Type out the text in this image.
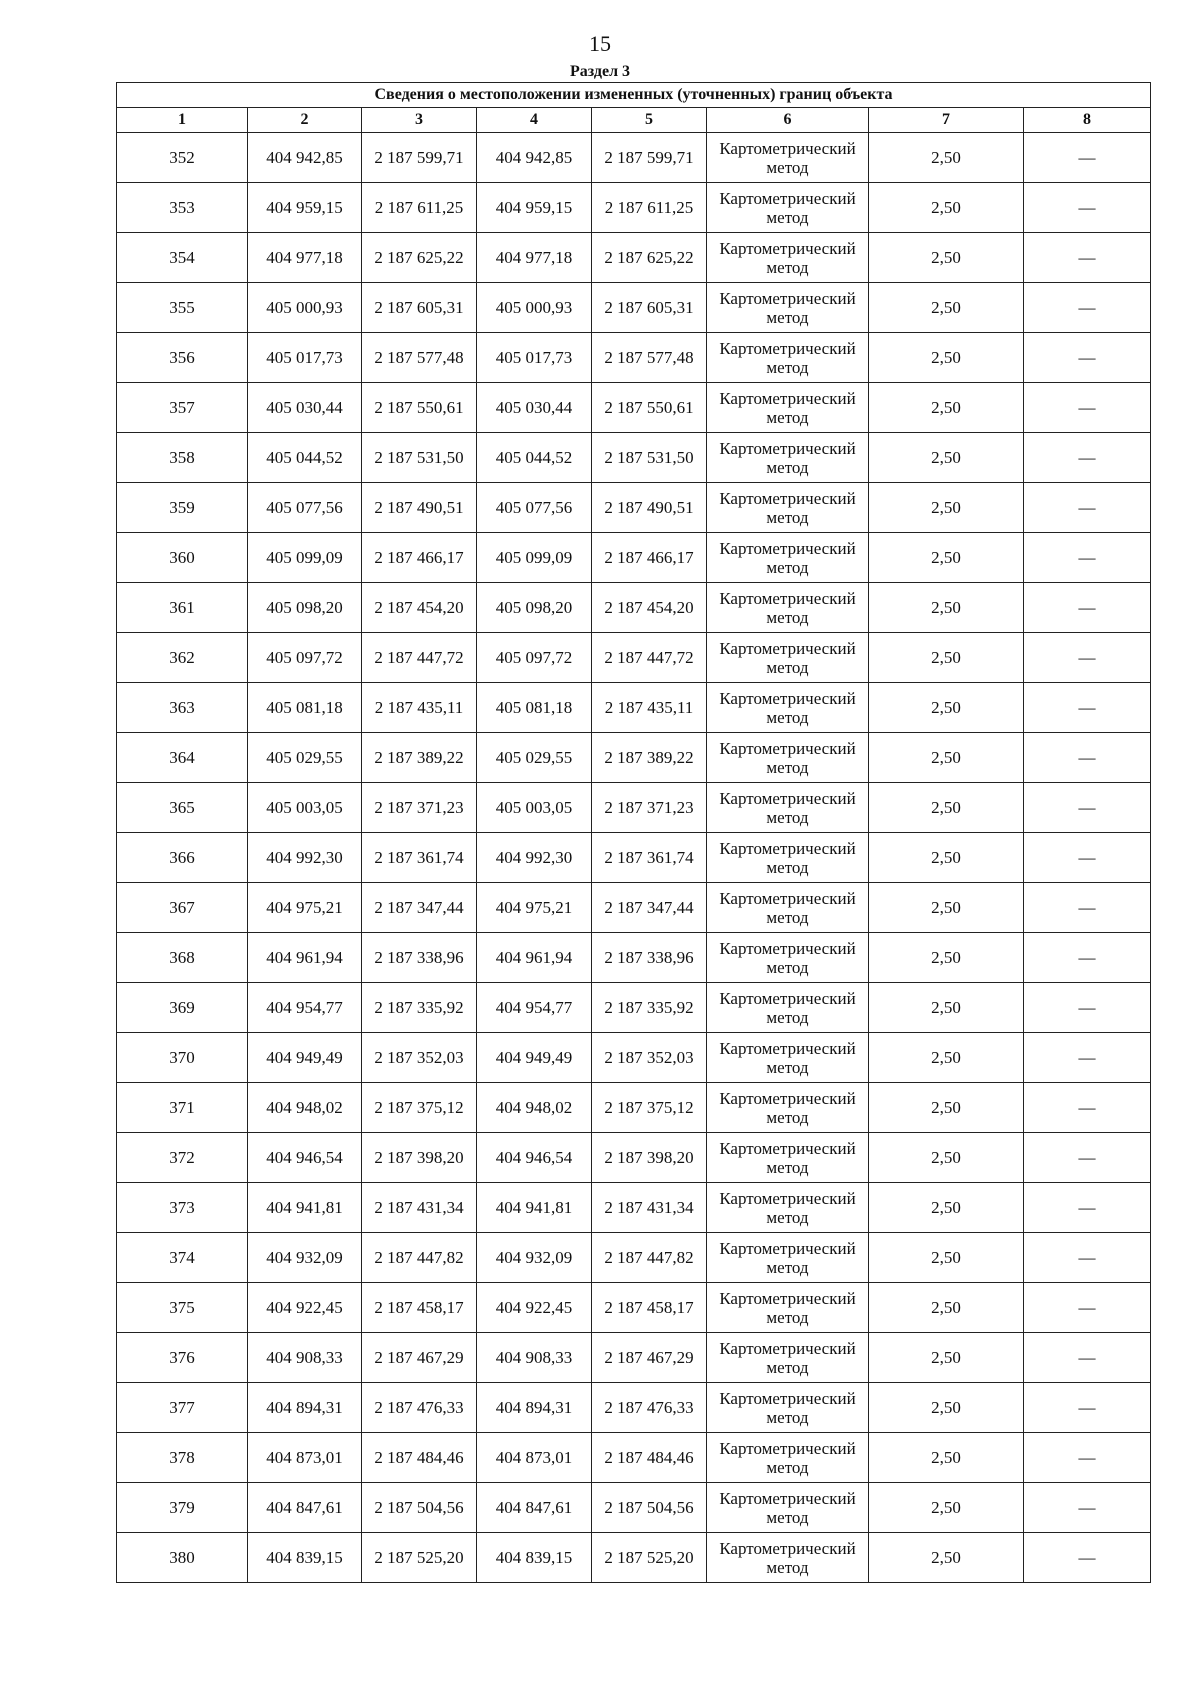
15
Раздел 3
Сведения о местоположении измененных (уточненных) границ объекта							
1	2	3	4	5	6	7	8
352	404 942,85	2 187 599,71	404 942,85	2 187 599,71	Картометрический метод	2,50	—
353	404 959,15	2 187 611,25	404 959,15	2 187 611,25	Картометрический метод	2,50	—
354	404 977,18	2 187 625,22	404 977,18	2 187 625,22	Картометрический метод	2,50	—
355	405 000,93	2 187 605,31	405 000,93	2 187 605,31	Картометрический метод	2,50	—
356	405 017,73	2 187 577,48	405 017,73	2 187 577,48	Картометрический метод	2,50	—
357	405 030,44	2 187 550,61	405 030,44	2 187 550,61	Картометрический метод	2,50	—
358	405 044,52	2 187 531,50	405 044,52	2 187 531,50	Картометрический метод	2,50	—
359	405 077,56	2 187 490,51	405 077,56	2 187 490,51	Картометрический метод	2,50	—
360	405 099,09	2 187 466,17	405 099,09	2 187 466,17	Картометрический метод	2,50	—
361	405 098,20	2 187 454,20	405 098,20	2 187 454,20	Картометрический метод	2,50	—
362	405 097,72	2 187 447,72	405 097,72	2 187 447,72	Картометрический метод	2,50	—
363	405 081,18	2 187 435,11	405 081,18	2 187 435,11	Картометрический метод	2,50	—
364	405 029,55	2 187 389,22	405 029,55	2 187 389,22	Картометрический метод	2,50	—
365	405 003,05	2 187 371,23	405 003,05	2 187 371,23	Картометрический метод	2,50	—
366	404 992,30	2 187 361,74	404 992,30	2 187 361,74	Картометрический метод	2,50	—
367	404 975,21	2 187 347,44	404 975,21	2 187 347,44	Картометрический метод	2,50	—
368	404 961,94	2 187 338,96	404 961,94	2 187 338,96	Картометрический метод	2,50	—
369	404 954,77	2 187 335,92	404 954,77	2 187 335,92	Картометрический метод	2,50	—
370	404 949,49	2 187 352,03	404 949,49	2 187 352,03	Картометрический метод	2,50	—
371	404 948,02	2 187 375,12	404 948,02	2 187 375,12	Картометрический метод	2,50	—
372	404 946,54	2 187 398,20	404 946,54	2 187 398,20	Картометрический метод	2,50	—
373	404 941,81	2 187 431,34	404 941,81	2 187 431,34	Картометрический метод	2,50	—
374	404 932,09	2 187 447,82	404 932,09	2 187 447,82	Картометрический метод	2,50	—
375	404 922,45	2 187 458,17	404 922,45	2 187 458,17	Картометрический метод	2,50	—
376	404 908,33	2 187 467,29	404 908,33	2 187 467,29	Картометрический метод	2,50	—
377	404 894,31	2 187 476,33	404 894,31	2 187 476,33	Картометрический метод	2,50	—
378	404 873,01	2 187 484,46	404 873,01	2 187 484,46	Картометрический метод	2,50	—
379	404 847,61	2 187 504,56	404 847,61	2 187 504,56	Картометрический метод	2,50	—
380	404 839,15	2 187 525,20	404 839,15	2 187 525,20	Картометрический метод	2,50	—
